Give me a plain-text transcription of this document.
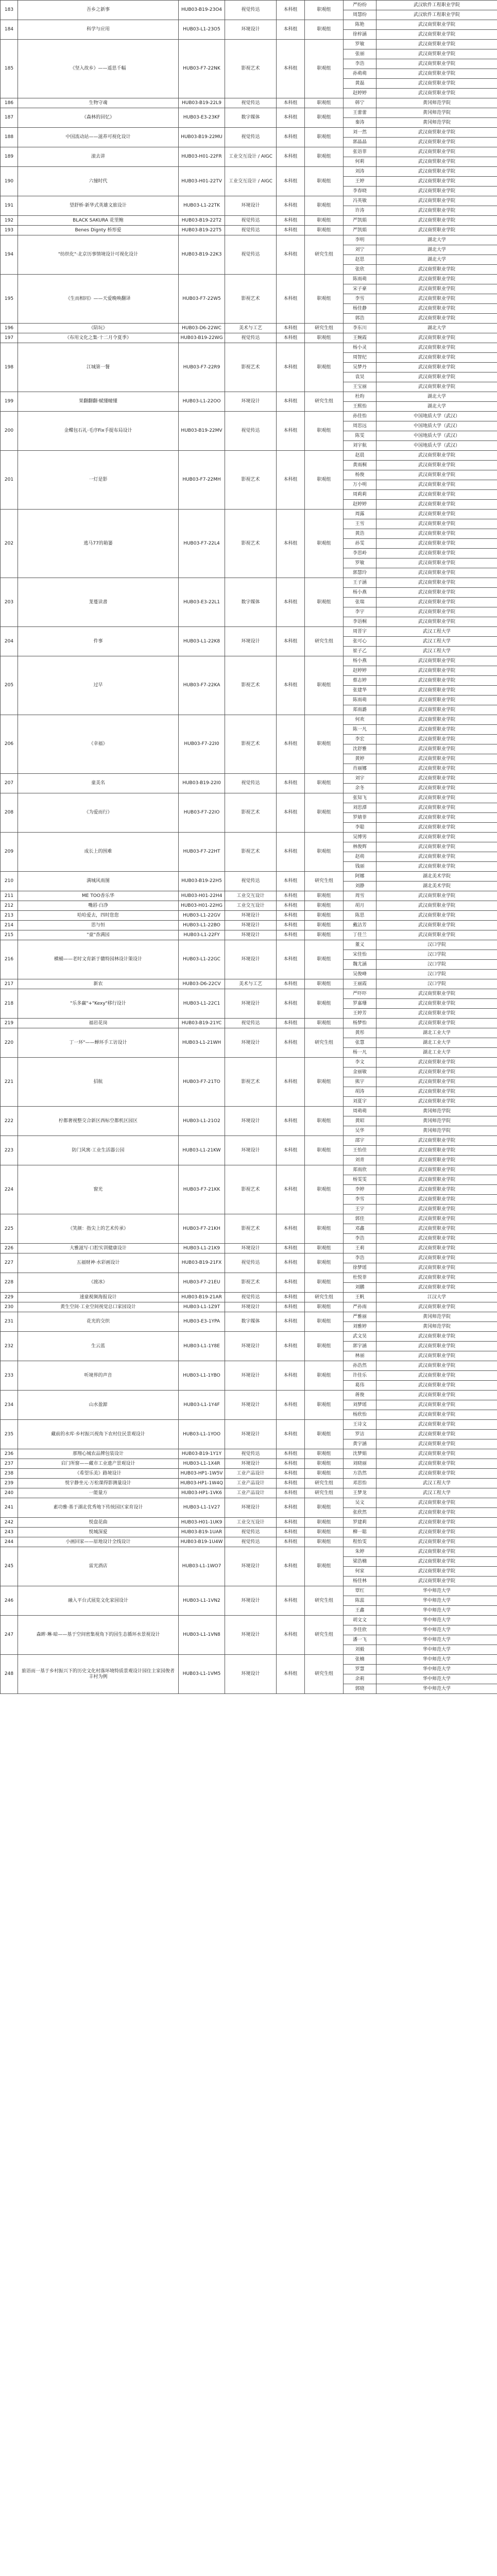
183	吾乡之新事	HUB03-B19-23O4	视觉传达	本科组	职观组	严纷纷	武汉软件工程职业学院
						周慧纷	武汉软件工程职业学院
184	科学与应用	HUB03-L1-23O5	环境设计	本科组	职观组	陈艳	武汉商贸职业学院
						徐梓涵	武汉商贸职业学院
185	《坚入故乡》——遥思千幅	HUB03-F7-22NK	影视艺术	本科组	职观组	罗敏	武汉商贸职业学院
						张丽	武汉商贸职业学院
						李浩	武汉商贸职业学院
						孙萌萌	武汉商贸职业学院
						黄磊	武汉商贸职业学院
						赵婷婷	武汉商贸职业学院
186	生物守魂	HUB03-B19-22L9	视觉传达	本科组	职观组	韩宁	黄冈师范学院
187	《森林的回忆》	HUB03-E3-23KF	数字媒体	本科组	职观组	王蕾蕾	黄冈师范学院
						秦涛	黄冈师范学院
188	中国流动站——滋养可视化设计	HUB03-B19-22MU	视觉传达	本科组	职观组	刘一然	武汉商贸职业学院
						郭晶晶	武汉商贸职业学院
189	滚去讲	HUB03-H01-22FR	工业交互设计 / AIGC	本科组	职观组	张语菲	武汉商贸职业学院
						何莉	武汉商贸职业学院
190	六憧时代	HUB03-H01-22TV	工业交互设计 / AIGC	本科组	职观组	刘涛	武汉商贸职业学院
						王婷	武汉商贸职业学院
						李春晓	武汉商贸职业学院
191	望舒桥·新华式英雄文旅设计	HUB03-L1-22TK	环境设计	本科组	职观组	冯英敏	武汉商贸职业学院
						许涛	武汉商贸职业学院
192	BLACK SAKURA 花里鲍	HUB03-B19-22T2	视觉传达	本科组	职观组	严凯娟	武汉商贸职业学院
193	Benes Dignty 桥形爱	HUB03-B19-22T5	视觉传达	本科组	职观组	严凯娟	武汉商贸职业学院
194	"纺织化"·北京历事情境设计可视化设计	HUB03-B19-22K3	视觉传达	本科组	研究生组	李明	湖北大学
						刘宁	湖北大学
						赵思	湖北大学
						张欣	武汉商贸职业学院
195	《生而相同》——天爱晚唤翻译	HUB03-F7-22W5	影视艺术	本科组	职观组	陈雨萌	武汉商贸职业学院
						宋子豪	武汉商贸职业学院
						李雪	武汉商贸职业学院
						杨佳静	武汉商贸职业学院
						郭浩	武汉商贸职业学院
196	《陪玩》	HUB03-D6-22WC	美术与工艺	本科组	研究生组	李东川	湖北大学
197	《布用文化之集·十二月令夏季》	HUB03-B19-22WG	视觉传达	本科组	职观组	王婉霞	武汉商贸职业学院
198	江城第一餐	HUB03-F7-22R9	影视艺术	本科组	职观组	杨小灵	武汉商贸职业学院
						周智纪	武汉商贸职业学院
						吴梦丹	武汉商贸职业学院
						袁昊	武汉商贸职业学院
						王宝丽	武汉商贸职业学院
199	果翻翻翻·赋懂幢懂	HUB03-L1-22OO	环境设计	本科组	研究生组	杜昀	湖北大学
						王熙怡	湖北大学
200	金蝶包石礼·毛序Fix手提布局设计	HUB03-B19-22MV	视觉传达	本科组	职观组	孙佳怡	中国地质大学（武汉）
						周思远	中国地质大学（武汉）
						陈雯	中国地质大学（武汉）
						刘宇航	中国地质大学（武汉）
201	一灯是影	HUB03-F7-22MH	影视艺术	本科组	职观组	赵晨	武汉商贸职业学院
						黄雨桐	武汉商贸职业学院
						杨俊	武汉商贸职业学院
						万小明	武汉商贸职业学院
						周莉莉	武汉商贸职业学院
						赵婷婷	武汉商贸职业学院
202	逃马77的箱篓	HUB03-F7-22L4	影视艺术	本科组	职观组	周露	武汉商贸职业学院
						王雪	武汉商贸职业学院
						黄浩	武汉商贸职业学院
						孙雯	武汉商贸职业学院
						李思岭	武汉商贸职业学院
						罗敏	武汉商贸职业学院
						郭慧玲	武汉商贸职业学院
203	茏蔓读書	HUB03-E3-22L1	数字媒体	本科组	职观组	王子涵	武汉商贸职业学院
						杨小燕	武汉商贸职业学院
						张瑞	武汉商贸职业学院
						李宇	武汉商贸职业学院
						李语桐	武汉商贸职业学院
204	件事	HUB03-L1-22K8	环境设计	本科组	研究生组	周晋宇	武汉工程大学
						张可心	武汉工程大学
						崔子乙	武汉工程大学
205	过早	HUB03-F7-22KA	影视艺术	本科组	职观组	杨小燕	武汉商贸职业学院
						赵婷婷	武汉商贸职业学院
						蔡志婷	武汉商贸职业学院
						张建华	武汉商贸职业学院
						陈雨萌	武汉商贸职业学院
						郑雨潞	武汉商贸职业学院
206	《幸福》	HUB03-F7-22I0	影视艺术	本科组	职观组	何欢	武汉商贸职业学院
						陈一凡	武汉商贸职业学院
						李宏	武汉商贸职业学院
						沈舒雅	武汉商贸职业学院
						黄婷	武汉商贸职业学院
						肖丽娜	武汉商贸职业学院
207	童美名	HUB03-B19-22I0	视觉传达	本科组	职观组	刘宇	武汉商贸职业学院
						余冬	武汉商贸职业学院
208	《为爱而行》	HUB03-F7-22IO	影视艺术	本科组	职观组	张知飞	武汉商贸职业学院
						刘思潭	武汉商贸职业学院
						罗婧菲	武汉商贸职业学院
						李聪	武汉商贸职业学院
209	成长上的围难	HUB03-F7-22HT	影视艺术	本科组	职观组	吴博男	武汉商贸职业学院
						林俊辉	武汉商贸职业学院
						赵萌	武汉商贸职业学院
						钱丽	武汉商贸职业学院
210	满城风雨图	HUB03-B19-22H5	视觉传达	本科组	研究生组	阿娜	湖北美术学院
						刘静	湖北美术学院
211	ME TOO香乐华	HUB03-H01-22H4	工业交互设计	本科组	职观组	周雪	武汉商贸职业学院
212	嘴唇·白净	HUB03-H01-22HG	工业交互设计	本科组	职观组	胡月	武汉商贸职业学院
213	哈哈爱去，四时您您	HUB03-L1-22GV	环境设计	本科组	职观组	陈思	武汉商贸职业学院
214	思与恒	HUB03-L1-22BO	环境设计	本科组	职观组	戴洁芳	武汉商贸职业学院
215	"童"香满园	HUB03-L1-22FY	环境设计	本科组	职观组	丁佳兰	武汉商贸职业学院
216	横桶——老时文育新于赣特园林设计策设计	HUB03-L1-22GC	环境设计	本科组	职观组	董义	汉口学院
						宋佳怡	汉口学院
						魏尤涵	汉口学院
						吴俊峰	汉口学院
217	新农	HUB03-D6-22CV	美术与工艺	本科组	职观组	王丽霞	汉口学院
218	"乐多赢"+"Kexy"移行设计	HUB03-L1-22C1	环境设计	本科组	职观组	严吓吓	武汉商贸职业学院
						罗嘉珊	武汉商贸职业学院
						王婷芳	武汉商贸职业学院
219	福岩花岗	HUB03-B19-21YC	视觉传达	本科组	职观组	杨梦怡	武汉商贸职业学院
220	丁一环"——蝉环手工访设计	HUB03-L1-21WH	环境设计	本科组	研究生组	黄彤	湖北工业大学
						张慧	湖北工业大学
						杨一凡	湖北工业大学
221	招航	HUB03-F7-21TO	影视艺术	本科组	职观组	李文	武汉商贸职业学院
						金丽敏	武汉商贸职业学院
						熊宇	武汉商贸职业学院
						胡涛	武汉商贸职业学院
						刘夏宇	武汉商贸职业学院
222	柠都奢视整交合新区西标空都机区园区	HUB03-L1-21O2	环境设计	本科组	职观组	周萌萌	黄冈师范学院
						黄昭	黄冈师范学院
						吴华	黄冈师范学院
223	防门风寓·工业生活器公园	HUB03-L1-21KW	环境设计	本科组	职观组	邵宇	武汉商贸职业学院
						王怡佳	武汉商贸职业学院
						刘青	武汉商贸职业学院
224	窗光	HUB03-F7-21KK	影视艺术	本科组	职观组	郑雨欣	武汉商贸职业学院
						杨雯雯	武汉商贸职业学院
						李婷	武汉商贸职业学院
						李雪	武汉商贸职业学院
						王宇	武汉商贸职业学院
225	《笑颜：指尖上的艺术传承》	HUB03-F7-21KH	影视艺术	本科组	职观组	郭佳	武汉商贸职业学院
						邓鑫	武汉商贸职业学院
						李浩	武汉商贸职业学院
226	大雅滋写·口腔实训健康设计	HUB03-L1-21K9	环境设计	本科组	职观组	王莉	武汉商贸职业学院
227	五福财神·水彩画设计	HUB03-B19-21FX	视觉传达	本科组	职观组	李浩	武汉商贸职业学院
						徐梦瑶	武汉商贸职业学院
228	《渡冰》	HUB03-F7-21EU	影视艺术	本科组	职观组	杜悦菲	武汉商贸职业学院
						刘鹏	武汉商贸职业学院
229	速童視频海报设计	HUB03-B19-21AR	视觉传达	本科组	研究生组	王帆	江汉大学
230	黄生空间·工业空间视觉总口家园设计	HUB03-L1-1Z9T	环境设计	本科组	职观组	严孙雨	武汉商贸职业学院
231	花光的交织	HUB03-E3-1YPA	数字媒体	本科组	职观组	严雅丽	黄冈师范学院
						刘雅婷	黄冈师范学院
232	生云蓝	HUB03-L1-1Y8E	环境设计	本科组	职观组	武文昊	武汉商贸职业学院
						郭宇涵	武汉商贸职业学院
						林丽	武汉商贸职业学院
233	听境界的声音	HUB03-L1-1YBO	环境设计	本科组	职观组	孙浩然	武汉商贸职业学院
						许佳乐	武汉商贸职业学院
						葛伟	武汉商贸职业学院
234	山水盈源	HUB03-L1-1Y4F	环境设计	本科组	职观组	蒋俊	武汉商贸职业学院
						刘梦瑶	武汉商贸职业学院
						杨欣怡	武汉商贸职业学院
235	藏前的水库·乡村振兴视角下农村住民景观设计	HUB03-L1-1YOO	环境设计	本科组	职观组	王诗文	武汉商贸职业学院
						罗洁	武汉商贸职业学院
						黄宇涵	武汉商贸职业学院
236	那翔心城农品牌包装设计	HUB03-B19-1Y1Y	视觉传达	本科组	职观组	沈梦娟	武汉商贸职业学院
237	启门所窗——藏市工业遗产景观设计	HUB03-L1-1X4R	环境设计	本科组	职观组	刘晓丽	武汉商贸职业学院
238	《希望乐美》路境设计	HUB03-HP1-1W5V	工业产品设计	本科组	职观组	方浩然	武汉商贸职业学院
239	悦宇静坐元·万松课得影测量设计	HUB03-HP1-1W4Q	工业产品设计	本科组	研究生组	邓思怡	武汉工程大学
240	一能量方	HUB03-HP1-1VK6	工业产品设计	本科组	研究生组	王梦龙	武汉工程大学
241	素功雅·基于湖北优秀地下传统园区家育设计	HUB03-L1-1V27	环境设计	本科组	职观组	吴文	武汉商贸职业学院
						张欣然	武汉商贸职业学院
242	悦盘花曲	HUB03-H01-1UK9	工业交互设计	本科组	职观组	罗建莉	武汉商贸职业学院
243	悦城深爱	HUB03-B19-1UAR	视觉传达	本科组	职观组	柳一聪	武汉商贸职业学院
244	小画回家——原地设计全线设计	HUB03-B19-1U4W	视觉传达	本科组	职观组	程怡雯	武汉商贸职业学院
245	雷光酒店	HUB03-L1-1WO7	环境设计	本科组	职观组	朱婷	武汉商贸职业学院
						梁浩楠	武汉商贸职业学院
						何家	武汉商贸职业学院
						杨佳林	武汉商贸职业学院
246	融入平台式展览文化家园设计	HUB03-L1-1VN2	环境设计	本科组	研究生组	覃红	华中师范大学
						陈蕊	华中师范大学
						王鑫	华中师范大学
247	森眸·琳·暗——基于空间密集视角下的园生态循环水景视设计	HUB03-L1-1VN8	环境设计	本科组	研究生组	胡文文	华中师范大学
						李佳欣	华中师范大学
						潘一飞	华中师范大学
						刘毅	华中师范大学
248	旅语而一基于乡村振兴下的历史文化村落环境特质景观设计园住主家园俊者丰村为例	HUB03-L1-1VM5	环境设计	本科组	研究生组	张楠	华中师范大学
						罗慧	华中师范大学
						余莉	华中师范大学
						郭晓	华中师范大学
